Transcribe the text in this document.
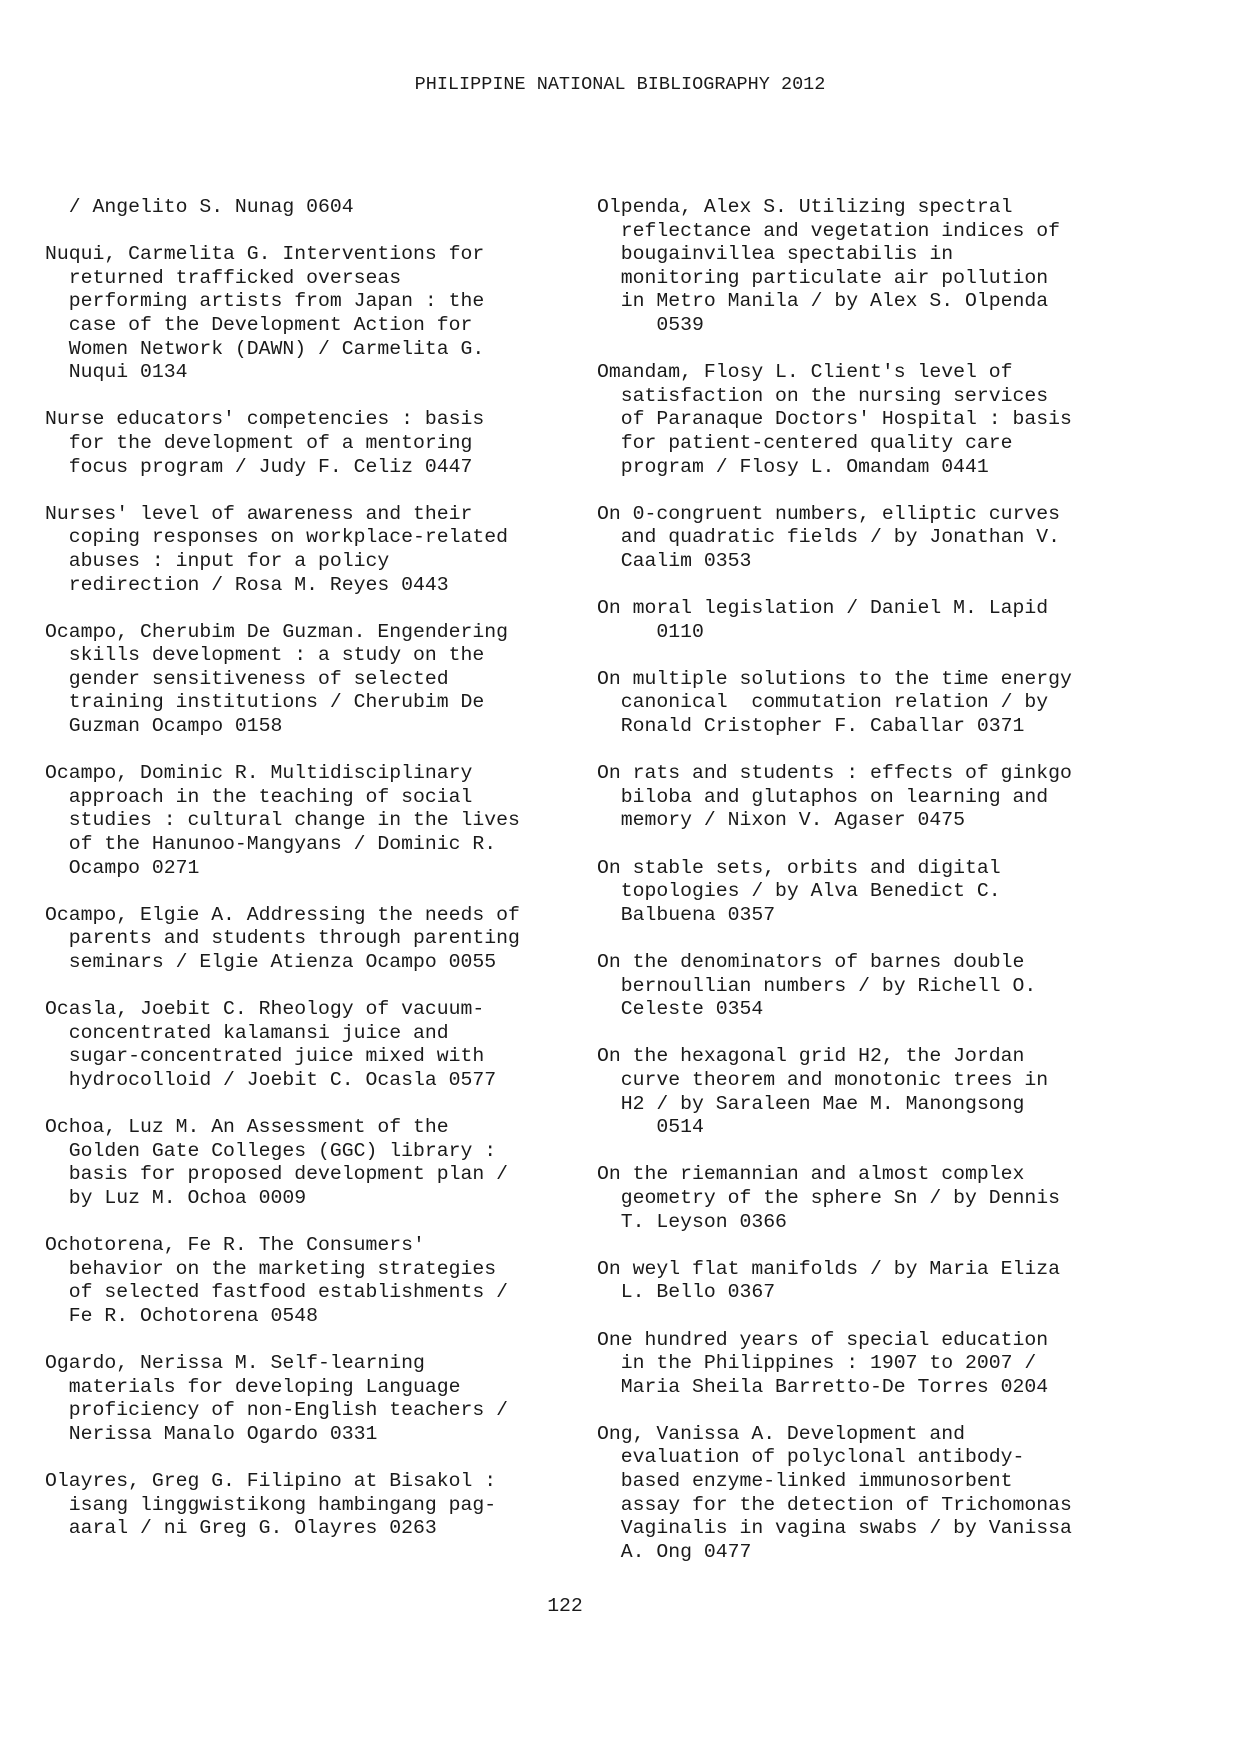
PHILIPPINE NATIONAL BIBLIOGRAPHY 2012
/ Angelito S. Nunag 0604
Nuqui, Carmelita G. Interventions for
returned trafficked overseas
performing artists from Japan : the
case of the Development Action for
Women Network (DAWN) / Carmelita G.
Nuqui 0134
Nurse educators' competencies : basis
for the development of a mentoring
focus program / Judy F. Celiz 0447
Nurses' level of awareness and their
coping responses on workplace-related
abuses : input for a policy
redirection / Rosa M. Reyes 0443
Ocampo, Cherubim De Guzman. Engendering
skills development : a study on the
gender sensitiveness of selected
training institutions / Cherubim De
Guzman Ocampo 0158
Ocampo, Dominic R. Multidisciplinary
approach in the teaching of social
studies : cultural change in the lives
of the Hanunoo-Mangyans / Dominic R.
Ocampo 0271
Ocampo, Elgie A. Addressing the needs of
parents and students through parenting
seminars / Elgie Atienza Ocampo 0055
Ocasla, Joebit C. Rheology of vacuum-
concentrated kalamansi juice and
sugar-concentrated juice mixed with
hydrocolloid / Joebit C. Ocasla 0577
Ochoa, Luz M. An Assessment of the
Golden Gate Colleges (GGC) library :
basis for proposed development plan /
by Luz M. Ochoa 0009
Ochotorena, Fe R. The Consumers'
behavior on the marketing strategies
of selected fastfood establishments /
Fe R. Ochotorena 0548
Ogardo, Nerissa M. Self-learning
materials for developing Language
proficiency of non-English teachers /
Nerissa Manalo Ogardo 0331
Olayres, Greg G. Filipino at Bisakol :
isang linggwistikong hambingang pag-
aaral / ni Greg G. Olayres 0263
Olpenda, Alex S. Utilizing spectral
reflectance and vegetation indices of
bougainvillea spectabilis in
monitoring particulate air pollution
in Metro Manila / by Alex S. Olpenda
0539
Omandam, Flosy L. Client's level of
satisfaction on the nursing services
of Paranaque Doctors' Hospital : basis
for patient-centered quality care
program / Flosy L. Omandam 0441
On 0-congruent numbers, elliptic curves
and quadratic fields / by Jonathan V.
Caalim 0353
On moral legislation / Daniel M. Lapid
0110
On multiple solutions to the time energy
canonical  commutation relation / by
Ronald Cristopher F. Caballar 0371
On rats and students : effects of ginkgo
biloba and glutaphos on learning and
memory / Nixon V. Agaser 0475
On stable sets, orbits and digital
topologies / by Alva Benedict C.
Balbuena 0357
On the denominators of barnes double
bernoullian numbers / by Richell O.
Celeste 0354
On the hexagonal grid H2, the Jordan
curve theorem and monotonic trees in
H2 / by Saraleen Mae M. Manongsong
0514
On the riemannian and almost complex
geometry of the sphere Sn / by Dennis
T. Leyson 0366
On weyl flat manifolds / by Maria Eliza
L. Bello 0367
One hundred years of special education
in the Philippines : 1907 to 2007 /
Maria Sheila Barretto-De Torres 0204
Ong, Vanissa A. Development and
evaluation of polyclonal antibody-
based enzyme-linked immunosorbent
assay for the detection of Trichomonas
Vaginalis in vagina swabs / by Vanissa
A. Ong 0477
122
